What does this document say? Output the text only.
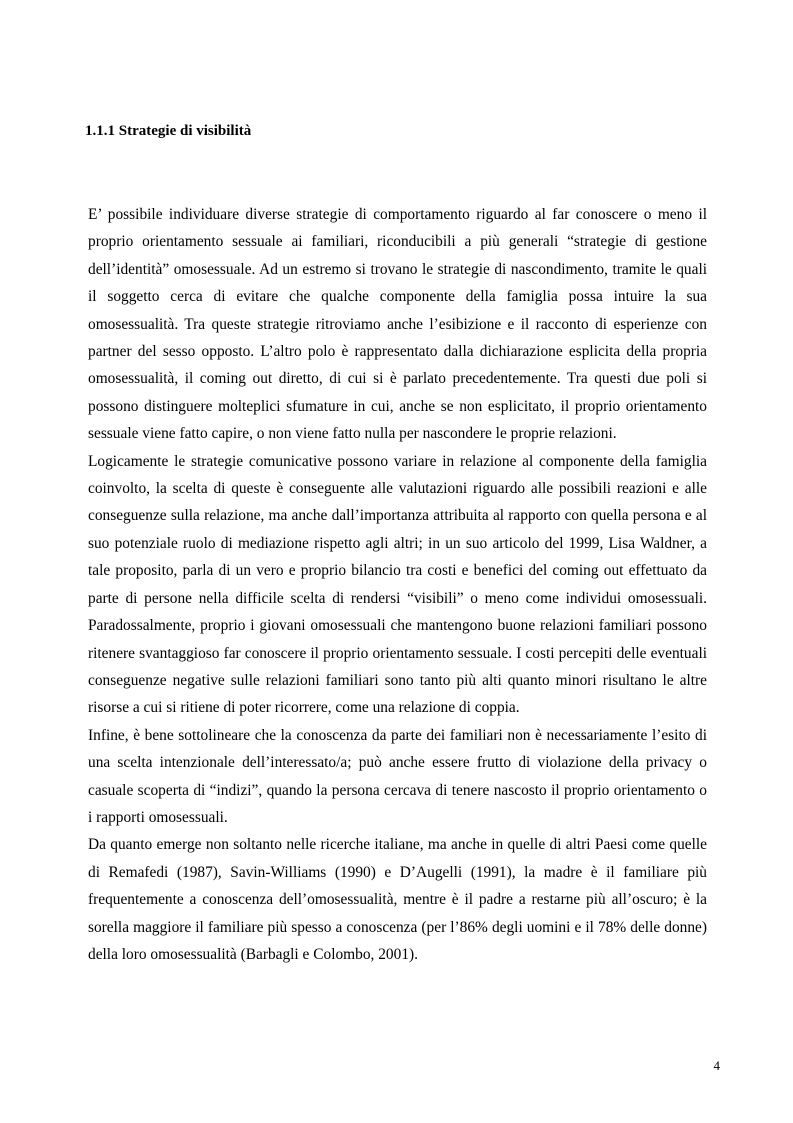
1.1.1 Strategie di visibilità

E’ possibile individuare diverse strategie di comportamento riguardo al far conoscere o meno il proprio orientamento sessuale ai familiari, riconducibili a più generali “strategie di gestione dell’identità” omosessuale. Ad un estremo si trovano le strategie di nascondimento, tramite le quali il soggetto cerca di evitare che qualche componente della famiglia possa intuire la sua omosessualità. Tra queste strategie ritroviamo anche l’esibizione e il racconto di esperienze con partner del sesso opposto. L’altro polo è rappresentato dalla dichiarazione esplicita della propria omosessualità, il coming out diretto, di cui si è parlato precedentemente. Tra questi due poli si possono distinguere molteplici sfumature in cui, anche se non esplicitato, il proprio orientamento sessuale viene fatto capire, o non viene fatto nulla per nascondere le proprie relazioni.

Logicamente le strategie comunicative possono variare in relazione al componente della famiglia coinvolto, la scelta di queste è conseguente alle valutazioni riguardo alle possibili reazioni e alle conseguenze sulla relazione, ma anche dall’importanza attribuita al rapporto con quella persona e al suo potenziale ruolo di mediazione rispetto agli altri; in un suo articolo del 1999, Lisa Waldner, a tale proposito, parla di un vero e proprio bilancio tra costi e benefici del coming out effettuato da parte di persone nella difficile scelta di rendersi “visibili” o meno come individui omosessuali. Paradossalmente, proprio i giovani omosessuali che mantengono buone relazioni familiari possono ritenere svantaggioso far conoscere il proprio orientamento sessuale. I costi percepiti delle eventuali conseguenze negative sulle relazioni familiari sono tanto più alti quanto minori risultano le altre risorse a cui si ritiene di poter ricorrere, come una relazione di coppia.

Infine, è bene sottolineare che la conoscenza da parte dei familiari non è necessariamente l’esito di una scelta intenzionale dell’interessato/a; può anche essere frutto di violazione della privacy o casuale scoperta di “indizi”, quando la persona cercava di tenere nascosto il proprio orientamento o i rapporti omosessuali.

Da quanto emerge non soltanto nelle ricerche italiane, ma anche in quelle di altri Paesi come quelle di Remafedi (1987), Savin-Williams (1990) e D’Augelli (1991), la madre è il familiare più frequentemente a conoscenza dell’omosessualità, mentre è il padre a restarne più all’oscuro; è la sorella maggiore il familiare più spesso a conoscenza (per l’86% degli uomini e il 78% delle donne) della loro omosessualità (Barbagli e Colombo, 2001).

4
